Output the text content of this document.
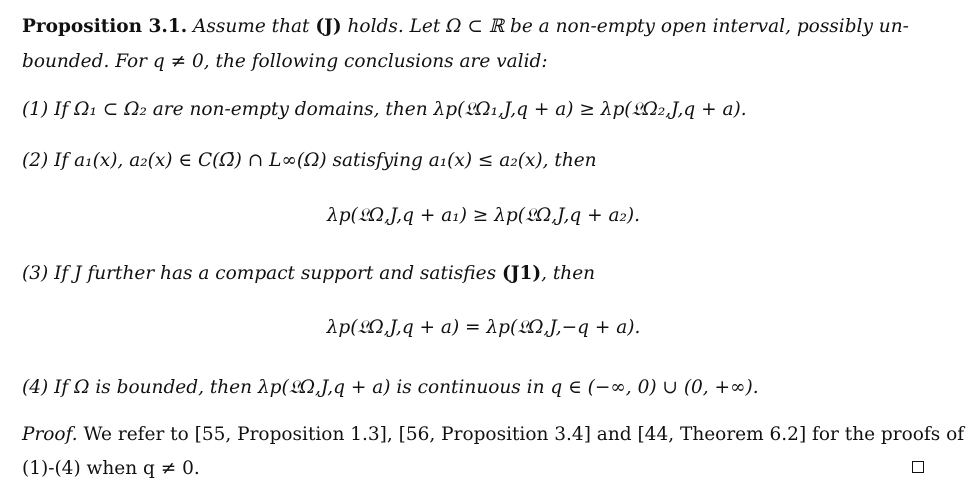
Proposition 3.1. Assume that (J) holds. Let Ω ⊂ ℝ be a non-empty open interval, possibly un-
bounded. For q ≠ 0, the following conclusions are valid:
(1) If Ω₁ ⊂ Ω₂ are non-empty domains, then λp(𝔏Ω₁,J,q + a) ≥ λp(𝔏Ω₂,J,q + a).
(2) If a₁(x), a₂(x) ∈ C(Ω̄) ∩ L∞(Ω) satisfying a₁(x) ≤ a₂(x), then
λp(𝔏Ω,J,q + a₁) ≥ λp(𝔏Ω,J,q + a₂).
(3) If J further has a compact support and satisfies (J1), then
λp(𝔏Ω,J,q + a) = λp(𝔏Ω,J,−q + a).
(4) If Ω is bounded, then λp(𝔏Ω,J,q + a) is continuous in q ∈ (−∞, 0) ∪ (0, +∞).
Proof. We refer to [55, Proposition 1.3], [56, Proposition 3.4] and [44, Theorem 6.2] for the proofs of
(1)-(4) when q ≠ 0.
